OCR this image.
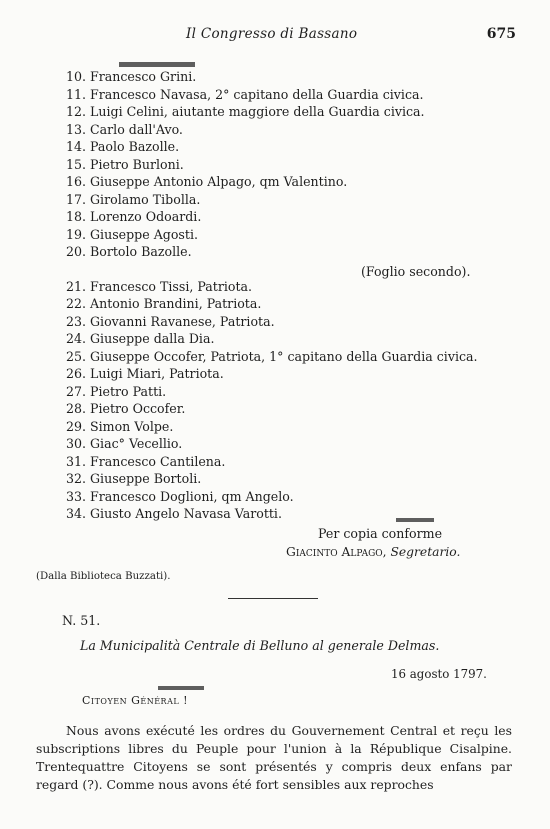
Il Congresso di Bassano	675
10. Francesco Grini.
11. Francesco Navasa, 2° capitano della Guardia civica.
12. Luigi Celini, aiutante maggiore della Guardia civica.
13. Carlo dall'Avo.
14. Paolo Bazolle.
15. Pietro Burloni.
16. Giuseppe Antonio Alpago, qm Valentino.
17. Girolamo Tibolla.
18. Lorenzo Odoardi.
19. Giuseppe Agosti.
20. Bortolo Bazolle.
21. Francesco Tissi, Patriota.
22. Antonio Brandini, Patriota.
23. Giovanni Ravanese, Patriota.
24. Giuseppe dalla Dia.
25. Giuseppe Occofer, Patriota, 1° capitano della Guardia civica.
26. Luigi Miari, Patriota.
27. Pietro Patti.
28. Pietro Occofer.
29. Simon Volpe.
30. Giac° Vecellio.
31. Francesco Cantilena.
32. Giuseppe Bortoli.
33. Francesco Doglioni, qm Angelo.
34. Giusto Angelo Navasa Varotti.
(Foglio secondo).
Per copia conforme
Giacinto Alpago, Segretario.
(Dalla Biblioteca Buzzati).
N. 51.
La Municipalità Centrale di Belluno al generale Delmas.
16 agosto 1797.
Citoyen Général !

Nous avons exécuté les ordres du Gouvernement Central et reçu les subscriptions libres du Peuple pour l'union à la République Cisalpine. Trentequattre Citoyens se sont présentés y compris deux enfans par regard (?). Comme nous avons été fort sensibles aux reproches
